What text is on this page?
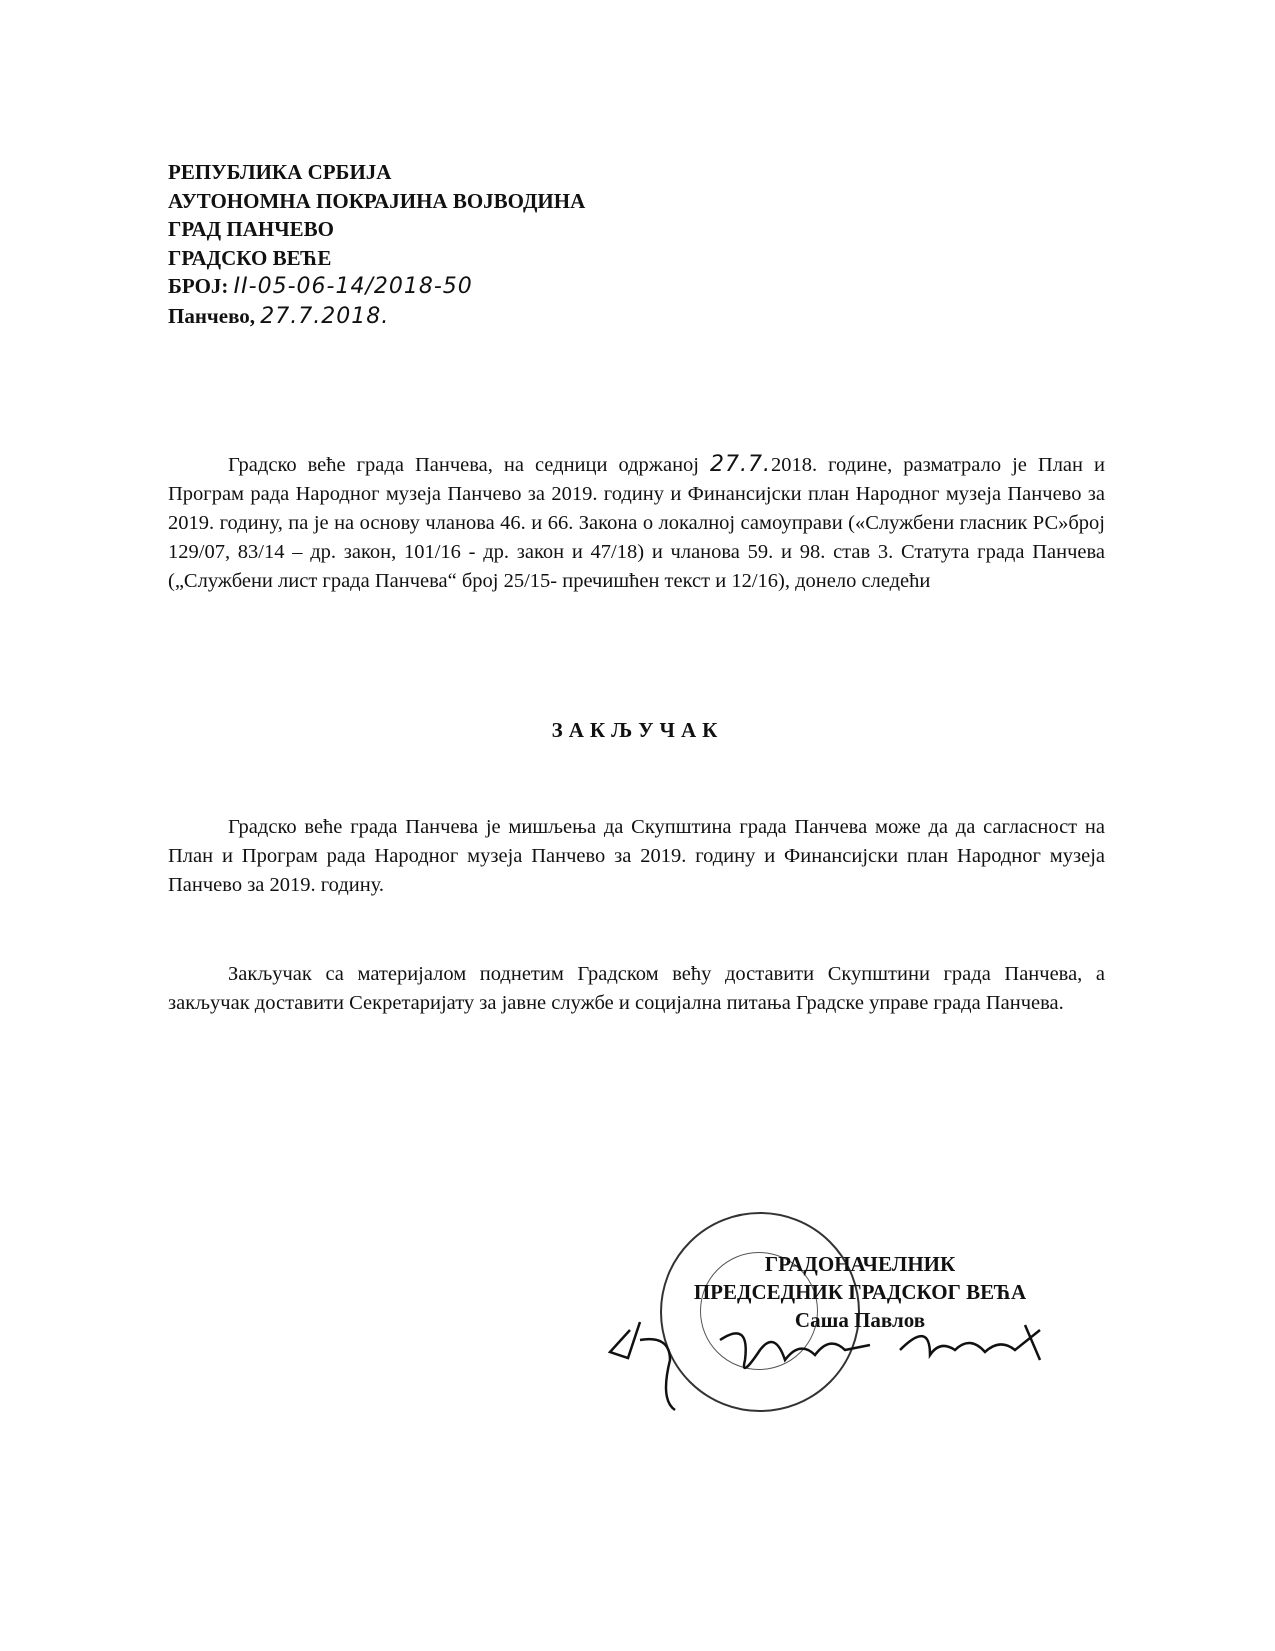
РЕПУБЛИКА СРБИЈА
АУТОНОМНА ПОКРАЈИНА ВОЈВОДИНА
ГРАД ПАНЧЕВО
ГРАДСКО ВЕЋЕ
БРОЈ: II-05-06-14/2018-50
Панчево, 27.7.2018.
Градско веће града Панчева, на седници одржаној 27.7.2018. године, разматрало је План и Програм рада Народног музеја Панчево за 2019. годину и Финансијски план Народног музеја Панчево за 2019. годину, па је на основу чланова 46. и 66. Закона о локалној самоуправи («Службени гласник РС»број 129/07, 83/14 – др. закон, 101/16 - др. закон и 47/18) и чланова 59. и 98. став 3. Статута града Панчева („Службени лист града Панчева“ број 25/15- пречишћен текст и 12/16), донело следећи
ЗАКЉУЧАК
Градско веће града Панчева је мишљења да Скупштина града Панчева може да да сагласност на План и Програм рада Народног музеја Панчево за 2019. годину и Финансијски план Народног музеја Панчево за 2019. годину.
Закључак са материјалом поднетим Градском већу доставити Скупштини града Панчева, а закључак доставити Секретаријату за јавне службе и социјална питања Градске управе града Панчева.
ГРАДОНАЧЕЛНИК
ПРЕДСЕДНИК ГРАДСКОГ ВЕЋА
Саша Павлов
